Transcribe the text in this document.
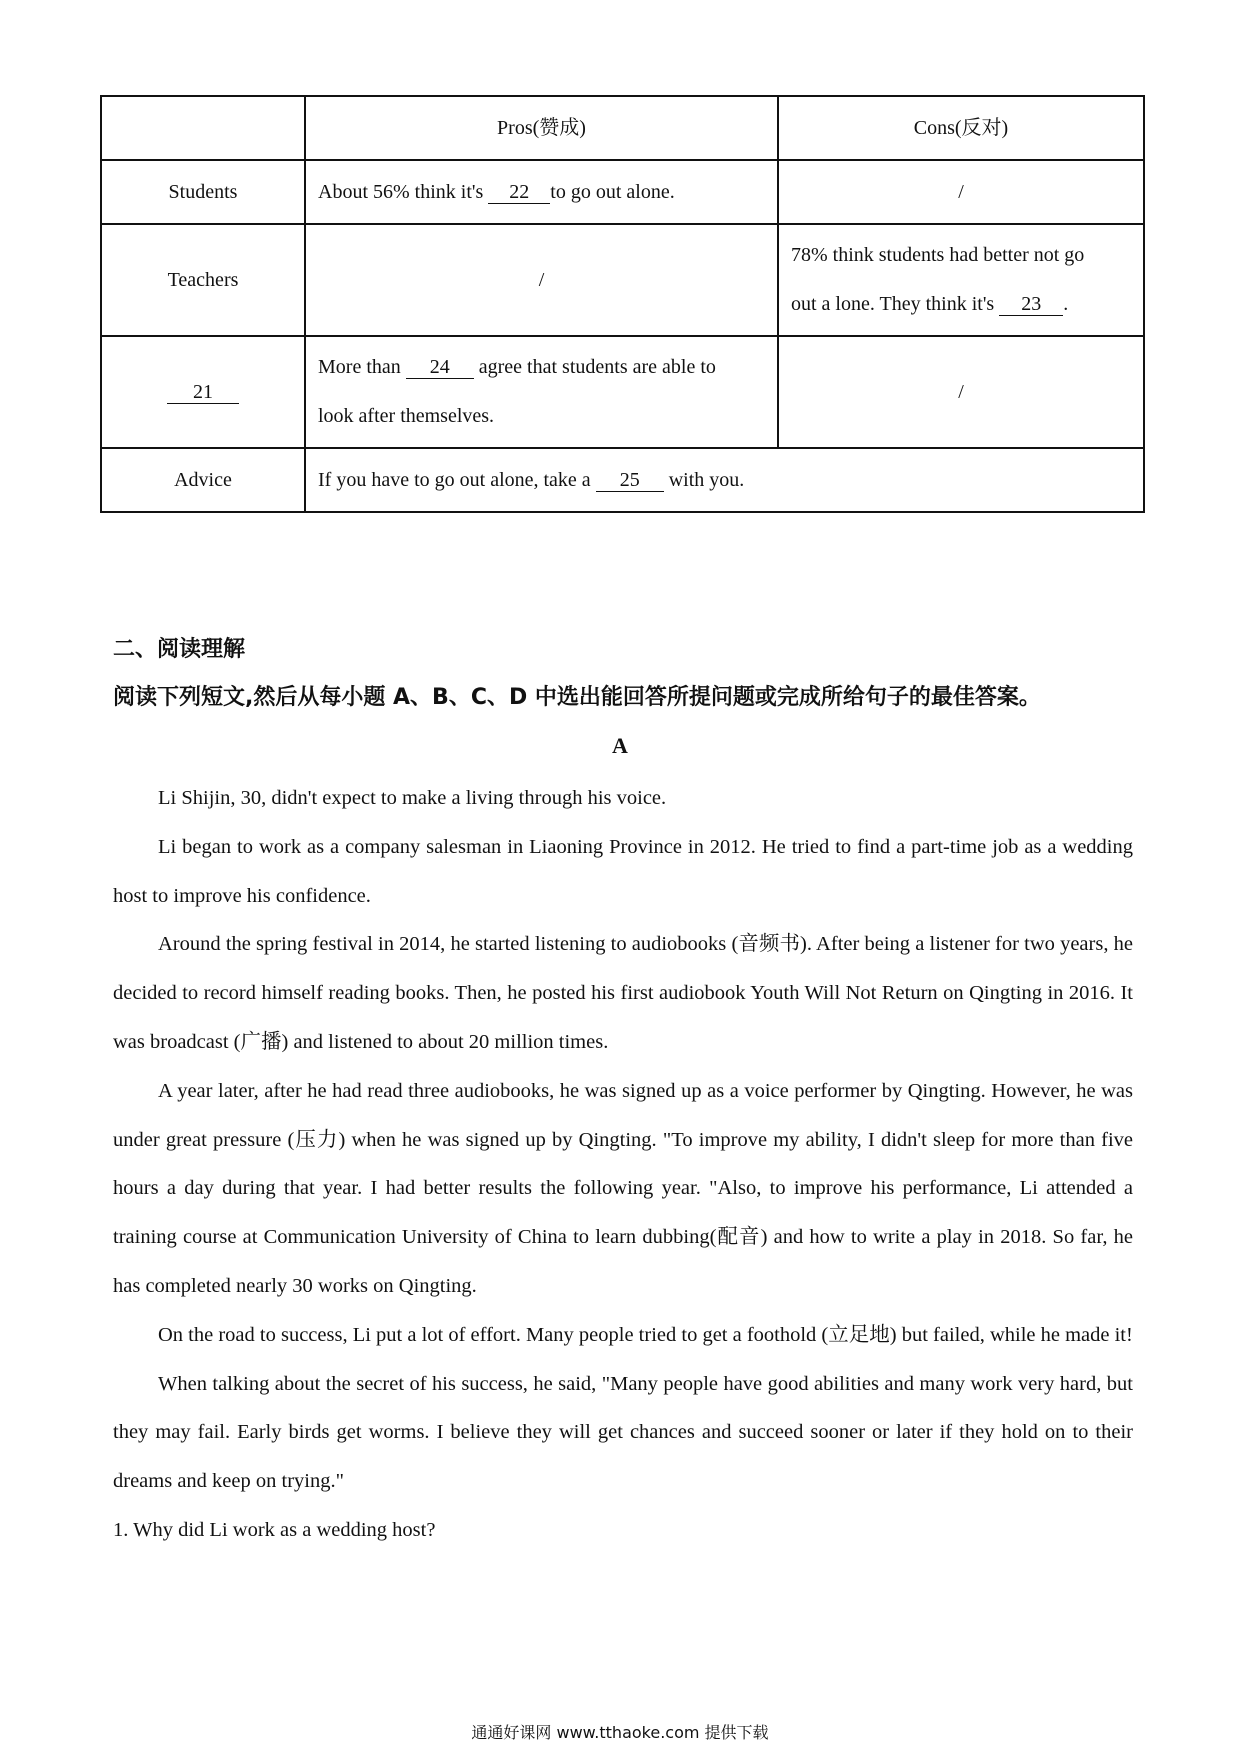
	Pros(赞成)	Cons(反对)
Students	About 56% think it's 22 to go out alone.	/
Teachers	/	78% think students had better not go
out a lone. They think it's 23 .

21	More than 24 agree that students are able to
look after themselves.	/
Advice	If you have to go out alone, take a 25 with you.	
二、阅读理解
阅读下列短文,然后从每小题 A、B、C、D 中选出能回答所提问题或完成所给句子的最佳答案。
A

Li Shijin, 30, didn't expect to make a living through his voice.

Li began to work as a company salesman in Liaoning Province in 2012. He tried to find a part-time job as a wedding host to improve his confidence.

Around the spring festival in 2014, he started listening to audiobooks (音频书). After being a listener for two years, he decided to record himself reading books. Then, he posted his first audiobook Youth Will Not Return on Qingting in 2016. It was broadcast (广播) and listened to about 20 million times.

A year later, after he had read three audiobooks, he was signed up as a voice performer by Qingting. However, he was under great pressure (压力) when he was signed up by Qingting. "To improve my ability, I didn't sleep for more than five hours a day during that year. I had better results the following year. "Also, to improve his performance, Li attended a training course at Communication University of China to learn dubbing(配音) and how to write a play in 2018. So far, he has completed nearly 30 works on Qingting.

On the road to success, Li put a lot of effort. Many people tried to get a foothold (立足地) but failed, while he made it!

When talking about the secret of his success, he said, "Many people have good abilities and many work very hard, but they may fail. Early birds get worms. I believe they will get chances and succeed sooner or later if they hold on to their dreams and keep on trying."

1. Why did Li work as a wedding host?
通通好课网 www.tthaoke.com 提供下载
